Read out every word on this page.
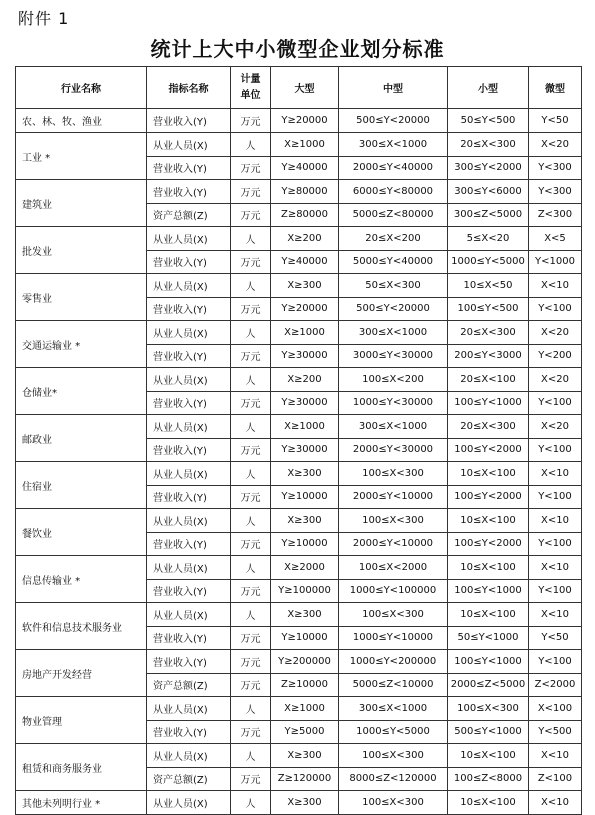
附件 1
统计上大中小微型企业划分标准
行业名称	指标名称	计量单位	大型	中型	小型	微型
农、林、牧、渔业	营业收入(Y)	万元	Y≥20000	500≤Y<20000	50≤Y<500	Y<50
工业 *	从业人员(X)	人	X≥1000	300≤X<1000	20≤X<300	X<20
	营业收入(Y)	万元	Y≥40000	2000≤Y<40000	300≤Y<2000	Y<300
建筑业	营业收入(Y)	万元	Y≥80000	6000≤Y<80000	300≤Y<6000	Y<300
	资产总额(Z)	万元	Z≥80000	5000≤Z<80000	300≤Z<5000	Z<300
批发业	从业人员(X)	人	X≥200	20≤X<200	5≤X<20	X<5
	营业收入(Y)	万元	Y≥40000	5000≤Y<40000	1000≤Y<5000	Y<1000
零售业	从业人员(X)	人	X≥300	50≤X<300	10≤X<50	X<10
	营业收入(Y)	万元	Y≥20000	500≤Y<20000	100≤Y<500	Y<100
交通运输业 *	从业人员(X)	人	X≥1000	300≤X<1000	20≤X<300	X<20
	营业收入(Y)	万元	Y≥30000	3000≤Y<30000	200≤Y<3000	Y<200
仓储业*	从业人员(X)	人	X≥200	100≤X<200	20≤X<100	X<20
	营业收入(Y)	万元	Y≥30000	1000≤Y<30000	100≤Y<1000	Y<100
邮政业	从业人员(X)	人	X≥1000	300≤X<1000	20≤X<300	X<20
	营业收入(Y)	万元	Y≥30000	2000≤Y<30000	100≤Y<2000	Y<100
住宿业	从业人员(X)	人	X≥300	100≤X<300	10≤X<100	X<10
	营业收入(Y)	万元	Y≥10000	2000≤Y<10000	100≤Y<2000	Y<100
餐饮业	从业人员(X)	人	X≥300	100≤X<300	10≤X<100	X<10
	营业收入(Y)	万元	Y≥10000	2000≤Y<10000	100≤Y<2000	Y<100
信息传输业 *	从业人员(X)	人	X≥2000	100≤X<2000	10≤X<100	X<10
	营业收入(Y)	万元	Y≥100000	1000≤Y<100000	100≤Y<1000	Y<100
软件和信息技术服务业	从业人员(X)	人	X≥300	100≤X<300	10≤X<100	X<10
	营业收入(Y)	万元	Y≥10000	1000≤Y<10000	50≤Y<1000	Y<50
房地产开发经营	营业收入(Y)	万元	Y≥200000	1000≤Y<200000	100≤Y<1000	Y<100
	资产总额(Z)	万元	Z≥10000	5000≤Z<10000	2000≤Z<5000	Z<2000
物业管理	从业人员(X)	人	X≥1000	300≤X<1000	100≤X<300	X<100
	营业收入(Y)	万元	Y≥5000	1000≤Y<5000	500≤Y<1000	Y<500
租赁和商务服务业	从业人员(X)	人	X≥300	100≤X<300	10≤X<100	X<10
	资产总额(Z)	万元	Z≥120000	8000≤Z<120000	100≤Z<8000	Z<100
其他未列明行业 *	从业人员(X)	人	X≥300	100≤X<300	10≤X<100	X<10
